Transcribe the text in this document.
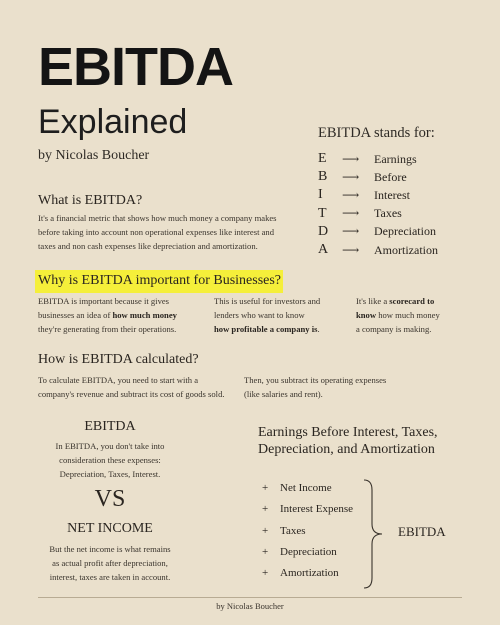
EBITDA
Explained
by Nicolas Boucher
EBITDA stands for:
E	⟶	Earnings
B	⟶	Before
I	⟶	Interest
T	⟶	Taxes
D	⟶	Depreciation
A	⟶	Amortization
What is EBITDA?
It's a financial metric that shows how much money a company makes
before taking into account non operational expenses like interest and
taxes and non cash expenses like depreciation and amortization.
Why is EBITDA important for Businesses?
EBITDA is important because it gives
businesses an idea of how much money
they're generating from their operations.
This is useful for investors and
lenders who want to know
how profitable a company is.
It's like a scorecard to
know how much money
a company is making.
How is EBITDA calculated?
To calculate EBITDA, you need to start with a
company's revenue and subtract its cost of goods sold.
Then, you subtract its operating expenses
(like salaries and rent).
EBITDA
In EBITDA, you don't take into
consideration these expenses:
Depreciation, Taxes, Interest.
VS
NET INCOME
But the net income is what remains
as actual profit after depreciation,
interest, taxes are taken in account.
Earnings Before Interest, Taxes, Depreciation, and Amortization
+	Net Income
+	Interest Expense
+	Taxes
+	Depreciation
+	Amortization
EBITDA
by Nicolas Boucher
